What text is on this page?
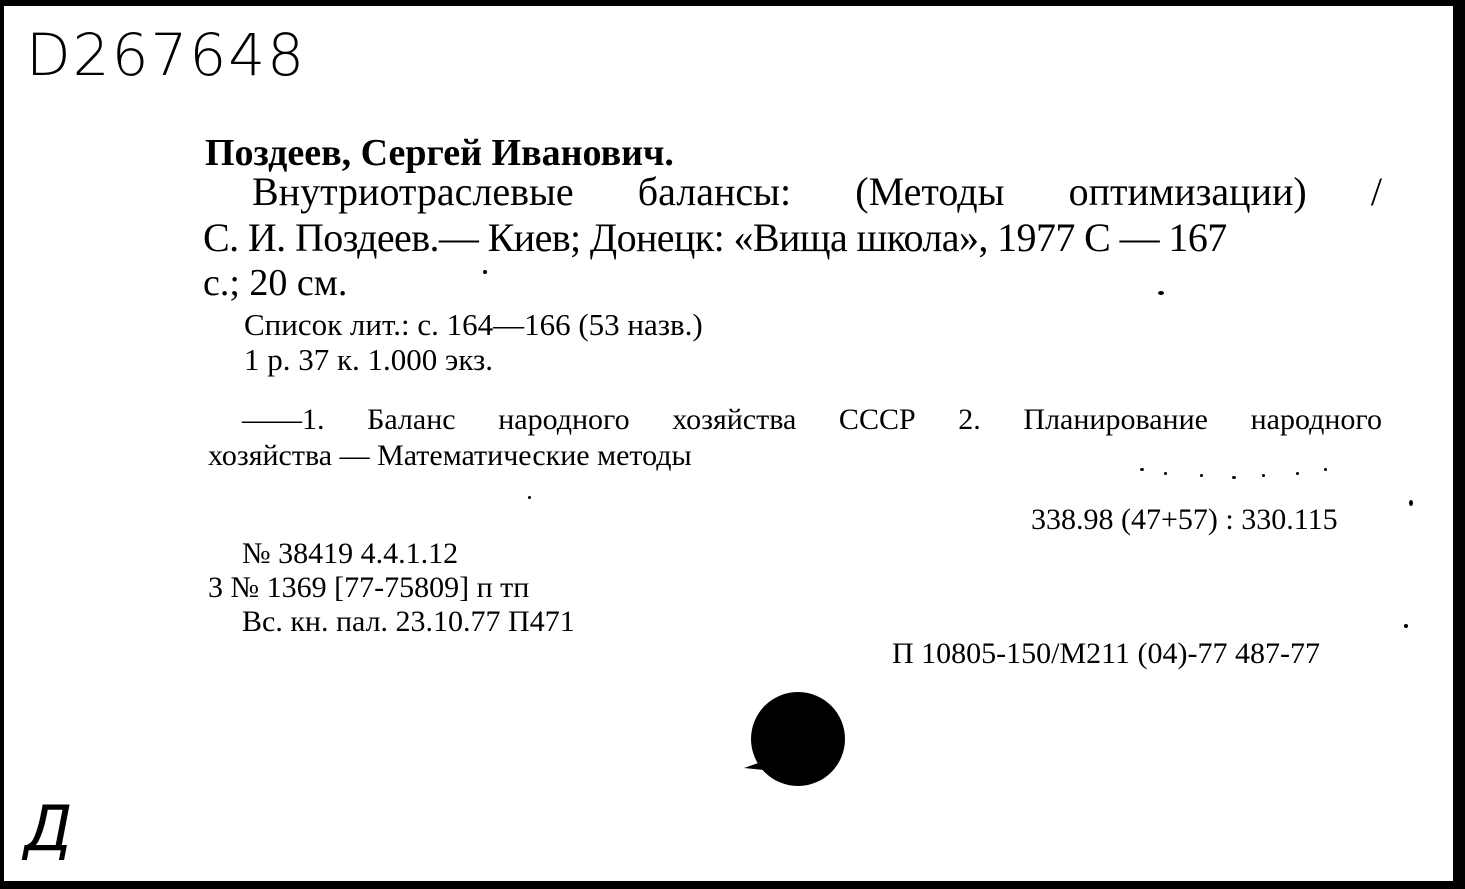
D267648
Поздеев, Сергей Иванович.
Внутриотраслевые балансы: (Методы оптимизации) /
С. И. Поздеев.— Киев; Донецк: «Вища школа», 1977 С — 167
с.; 20 см.
Список лит.: с. 164—166 (53 назв.)
1 р. 37 к. 1.000 экз.
——1. Баланс народного хозяйства СССР 2. Планирование народного
хозяйства — Математические методы
338.98 (47+57) : 330.115
№ 38419 4.4.1.12
3 № 1369 [77-75809] п тп
Вс. кн. пал. 23.10.77 П471
П 10805-150/М211 (04)-77 487-77
Д
